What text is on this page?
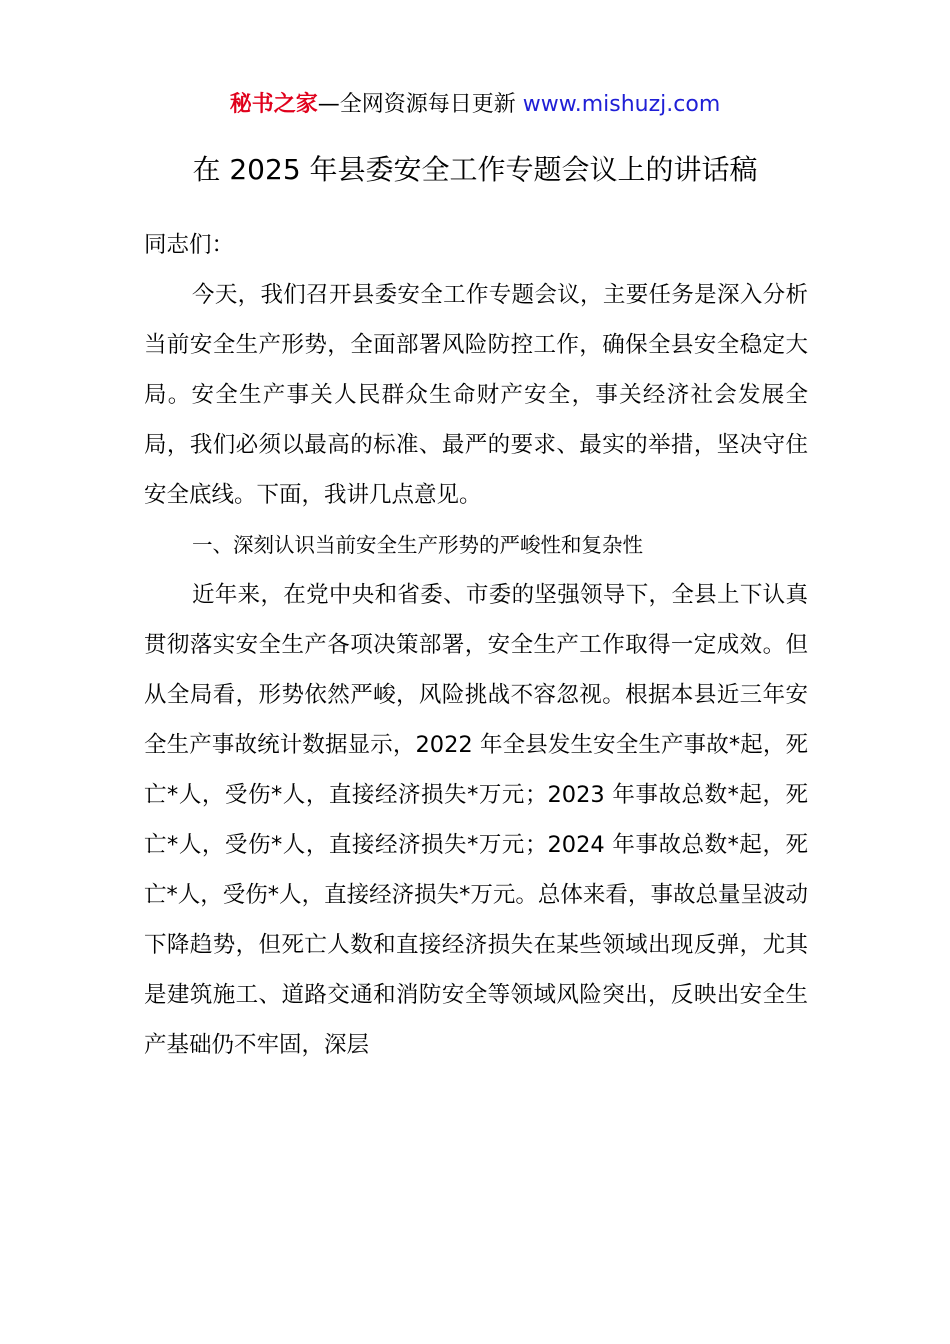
秘书之家—全网资源每日更新 www.mishuzj.com
在 2025 年县委安全工作专题会议上的讲话稿

同志们：

今天，我们召开县委安全工作专题会议，主要任务是深入分析当前安全生产形势，全面部署风险防控工作，确保全县安全稳定大局。安全生产事关人民群众生命财产安全，事关经济社会发展全局，我们必须以最高的标准、最严的要求、最实的举措，坚决守住安全底线。下面，我讲几点意见。

一、深刻认识当前安全生产形势的严峻性和复杂性

近年来，在党中央和省委、市委的坚强领导下，全县上下认真贯彻落实安全生产各项决策部署，安全生产工作取得一定成效。但从全局看，形势依然严峻，风险挑战不容忽视。根据本县近三年安全生产事故统计数据显示，2022 年全县发生安全生产事故*起，死亡*人，受伤*人，直接经济损失*万元；2023 年事故总数*起，死亡*人，受伤*人，直接经济损失*万元；2024 年事故总数*起，死亡*人，受伤*人，直接经济损失*万元。总体来看，事故总量呈波动下降趋势，但死亡人数和直接经济损失在某些领域出现反弹，尤其是建筑施工、道路交通和消防安全等领域风险突出，反映出安全生产基础仍不牢固，深层
